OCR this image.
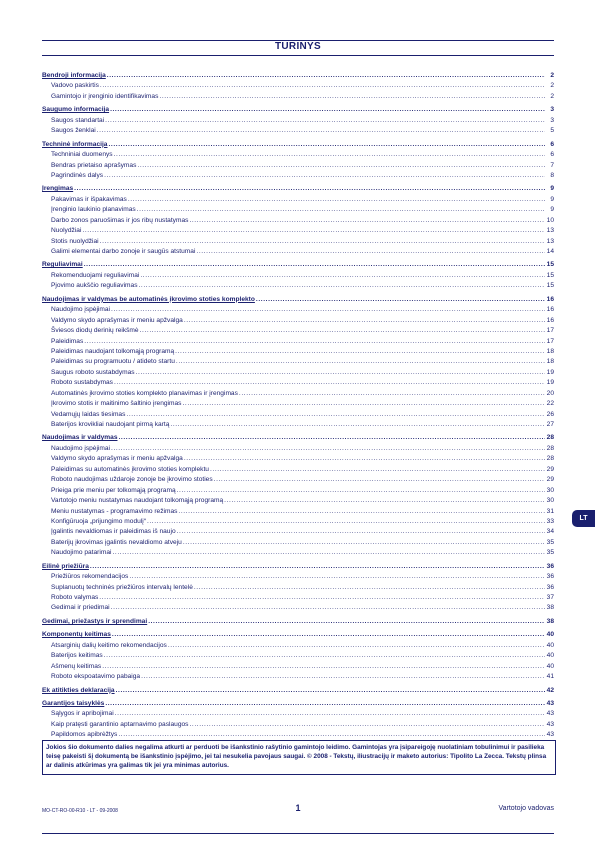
TURINYS
Bendroji informacija .....	2
Vadovo paskirtis .....	2
Gamintojo ir įrenginio identifikavimas .....	2
Saugumo informacija .....	3
Saugos standartai .....	3
Saugos ženklai .....	5
Techninė informacija .....	6
Techniniai duomenys .....	6
Bendras prietaiso aprašymas .....	7
Pagrindinės dalys .....	8
Įrengimas .....	9
Pakavimas ir išpakavimas .....	9
Įrenginio laukinio planavimas .....	9
Darbo zonos paruošimas ir jos ribų nustatymas .....	10
Nuolydžiai .....	13
Stotis nuolydžiai .....	13
Galimi elementai darbo zonoje ir saugūs atstumai .....	14
Reguliavimai .....	15
Rekomenduojami reguliavimai .....	15
Pjovimo aukščio reguliavimas .....	15
Naudojimas ir valdymas be automatinės įkrovimo stoties komplekto .....	16
Naudojimo įspėjimai .....	16
Valdymo skydo aprašymas ir meniu apžvalga .....	16
Šviesos diodų derinių reikšmė .....	17
Paleidimas .....	17
Paleidimas naudojant tolkomąją programą .....	18
Paleidimas su programuotu / atideto startu .....	18
Saugus roboto sustabdymas .....	19
Roboto sustabdymas .....	19
Automatinės įkrovimo stoties komplekto planavimas ir įrengimas .....	20
Įkrovimo stotis ir maitinimo šaltinio įrengimas .....	22
Vedamųjų laidas tiesimas .....	26
Baterijos krovikliai naudojant pirmą kartą .....	27
Naudojimas ir valdymas .....	28
Naudojimo įspėjimai .....	28
Valdymo skydo aprašymas ir meniu apžvalga .....	28
Paleidimas su automatinės įkrovimo stoties komplektu .....	29
Roboto naudojimas uždaroje zonoje be įkrovimo stoties .....	29
Prieiga prie meniu per tolkomąją programą .....	30
Vartotojo meniu nustatymas naudojant tolkomąją programą .....	30
Meniu nustatymas - programavimo režimas .....	31
Konfigūruoja „prijungimo modulį“ .....	33
Įgalintis nevaldiomas ir paleidimas iš naujo .....	34
Baterijų įkrovimas įgalintis nevaldiomo atveju .....	35
Naudojimo patarimai .....	35
Eilinė priežiūra .....	36
Priežiūros rekomendacijos .....	36
Suplanuotų techninės priežiūros intervalų lentelė .....	36
Roboto valymas .....	37
Gedimai ir priedimai .....	38
Gedimai, priežastys ir sprendimai .....	38
Komponentų keitimas .....	40
Atsarginių dalių keitimo rekomendacijos .....	40
Baterijos keitimas .....	40
Ašmenų keitimas .....	40
Roboto ekspoatavimo pabaiga .....	41
Ek atitikties deklaracija .....	42
Garantijos taisyklės .....	43
Sąlygos ir apribojimai .....	43
Kaip pratęsti garantinio aptarnavimo paslaugos .....	43
Papildomos apibrėžtys .....	43
Jokios šio dokumento dalies negalima atkurti ar perduoti be išankstinio rašytinio gamintojo leidimo. Gamintojas yra įsipareigoję nuolatiniam tobulinimui ir pasilieka teisę pakeisti šį dokumentą be išankstinio įspėjimo, jei tai nesukelia pavojaus saugai. © 2008 - Tekstų, iliustracijų ir maketo autorius: Tipolito La Zecca. Tekstų plinsa ar dalinis atkūrimas yra galimas tik jei yra minimas autorius.
LT
MO-CT-RO-00-R10 - LT - 09-2008	1	Vartotojo vadovas
